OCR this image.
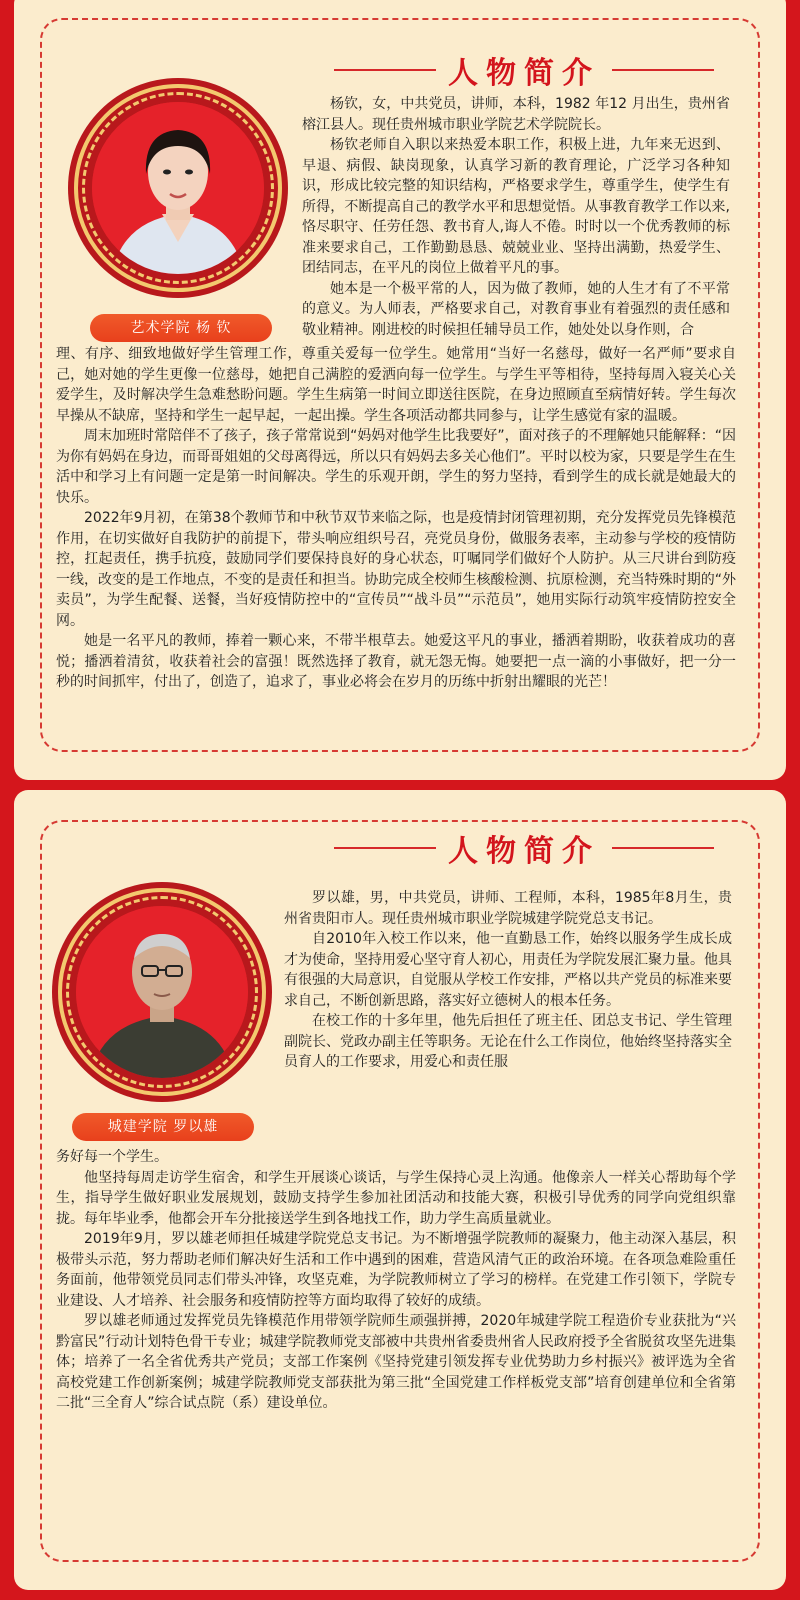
人物简介
艺术学院 杨 钦

杨钦，女，中共党员，讲师，本科，1982 年12 月出生，贵州省榕江县人。现任贵州城市职业学院艺术学院院长。

杨钦老师自入职以来热爱本职工作，积极上进，九年来无迟到、早退、病假、缺岗现象，认真学习新的教育理论，广泛学习各种知识，形成比较完整的知识结构，严格要求学生，尊重学生，使学生有所得，不断提高自己的教学水平和思想觉悟。从事教育教学工作以来,恪尽职守、任劳任怨、教书育人,诲人不倦。时时以一个优秀教师的标准来要求自己，工作勤勤恳恳、兢兢业业、坚持出满勤，热爱学生、团结同志，在平凡的岗位上做着平凡的事。

她本是一个极平常的人，因为做了教师，她的人生才有了不平常的意义。为人师表，严格要求自己，对教育事业有着强烈的责任感和敬业精神。刚进校的时候担任辅导员工作，她处处以身作则，合

理、有序、细致地做好学生管理工作，尊重关爱每一位学生。她常用“当好一名慈母，做好一名严师”要求自己，她对她的学生更像一位慈母，她把自己满腔的爱洒向每一位学生。与学生平等相待，坚持每周入寝关心关爱学生，及时解决学生急难愁盼问题。学生生病第一时间立即送往医院，在身边照顾直至病情好转。学生每次早操从不缺席，坚持和学生一起早起，一起出操。学生各项活动都共同参与，让学生感觉有家的温暖。

周末加班时常陪伴不了孩子，孩子常常说到“妈妈对他学生比我要好”，面对孩子的不理解她只能解释：“因为你有妈妈在身边，而哥哥姐姐的父母离得远，所以只有妈妈去多关心他们”。平时以校为家，只要是学生在生活中和学习上有问题一定是第一时间解决。学生的乐观开朗，学生的努力坚持，看到学生的成长就是她最大的快乐。

2022年9月初，在第38个教师节和中秋节双节来临之际，也是疫情封闭管理初期，充分发挥党员先锋模范作用，在切实做好自我防护的前提下，带头响应组织号召，亮党员身份，做服务表率，主动参与学校的疫情防控，扛起责任，携手抗疫，鼓励同学们要保持良好的身心状态，叮嘱同学们做好个人防护。从三尺讲台到防疫一线，改变的是工作地点，不变的是责任和担当。协助完成全校师生核酸检测、抗原检测，充当特殊时期的“外卖员”，为学生配餐、送餐，当好疫情防控中的“宣传员”“战斗员”“示范员”，她用实际行动筑牢疫情防控安全网。

她是一名平凡的教师，捧着一颗心来，不带半根草去。她爱这平凡的事业，播洒着期盼，收获着成功的喜悦；播洒着清贫，收获着社会的富强！既然选择了教育，就无怨无悔。她要把一点一滴的小事做好，把一分一秒的时间抓牢，付出了，创造了，追求了，事业必将会在岁月的历练中折射出耀眼的光芒！

人物简介
城建学院 罗以雄

罗以雄，男，中共党员，讲师、工程师，本科，1985年8月生，贵州省贵阳市人。现任贵州城市职业学院城建学院党总支书记。

自2010年入校工作以来，他一直勤恳工作，始终以服务学生成长成才为使命，坚持用爱心坚守育人初心，用责任为学院发展汇聚力量。他具有很强的大局意识，自觉服从学校工作安排，严格以共产党员的标准来要求自己，不断创新思路，落实好立德树人的根本任务。

在校工作的十多年里，他先后担任了班主任、团总支书记、学生管理副院长、党政办副主任等职务。无论在什么工作岗位，他始终坚持落实全员育人的工作要求，用爱心和责任服

务好每一个学生。

他坚持每周走访学生宿舍，和学生开展谈心谈话，与学生保持心灵上沟通。他像亲人一样关心帮助每个学生，指导学生做好职业发展规划，鼓励支持学生参加社团活动和技能大赛，积极引导优秀的同学向党组织靠拢。每年毕业季，他都会开车分批接送学生到各地找工作，助力学生高质量就业。

2019年9月，罗以雄老师担任城建学院党总支书记。为不断增强学院教师的凝聚力，他主动深入基层，积极带头示范，努力帮助老师们解决好生活和工作中遇到的困难，营造风清气正的政治环境。在各项急难险重任务面前，他带领党员同志们带头冲锋，攻坚克难，为学院教师树立了学习的榜样。在党建工作引领下，学院专业建设、人才培养、社会服务和疫情防控等方面均取得了较好的成绩。

罗以雄老师通过发挥党员先锋模范作用带领学院师生顽强拼搏，2020年城建学院工程造价专业获批为“兴黔富民”行动计划特色骨干专业；城建学院教师党支部被中共贵州省委贵州省人民政府授予全省脱贫攻坚先进集体；培养了一名全省优秀共产党员；支部工作案例《坚持党建引领发挥专业优势助力乡村振兴》被评选为全省高校党建工作创新案例；城建学院教师党支部获批为第三批“全国党建工作样板党支部”培育创建单位和全省第二批“三全育人”综合试点院（系）建设单位。
